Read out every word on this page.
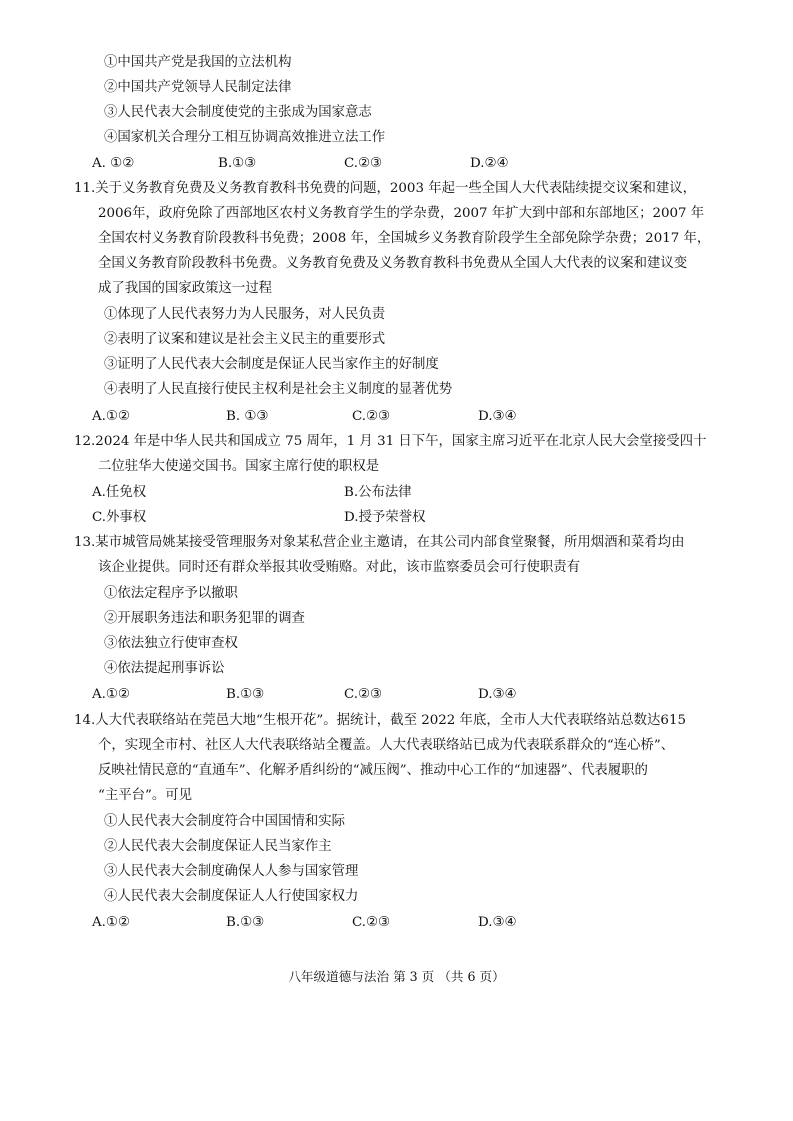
①中国共产党是我国的立法机构
②中国共产党领导人民制定法律
③人民代表大会制度使党的主张成为国家意志
④国家机关合理分工相互协调高效推进立法工作
A. ①②	B.①③	C.②③	D.②④
11.关于义务教育免费及义务教育教科书免费的问题，2003 年起一些全国人大代表陆续提交议案和建议，
2006年，政府免除了西部地区农村义务教育学生的学杂费，2007 年扩大到中部和东部地区；2007 年
全国农村义务教育阶段教科书免费；2008 年，全国城乡义务教育阶段学生全部免除学杂费；2017 年，
全国义务教育阶段教科书免费。义务教育免费及义务教育教科书免费从全国人大代表的议案和建议变
成了我国的国家政策这一过程
①体现了人民代表努力为人民服务，对人民负责
②表明了议案和建议是社会主义民主的重要形式
③证明了人民代表大会制度是保证人民当家作主的好制度
④表明了人民直接行使民主权利是社会主义制度的显著优势
A.①②	B. ①③	C.②③	D.③④
12.2024 年是中华人民共和国成立 75 周年，1 月 31 日下午，国家主席习近平在北京人民大会堂接受四十
二位驻华大使递交国书。国家主席行使的职权是
A.任免权	B.公布法律
C.外事权	D.授予荣誉权
13.某市城管局姚某接受管理服务对象某私营企业主邀请，在其公司内部食堂聚餐，所用烟酒和菜肴均由
该企业提供。同时还有群众举报其收受贿赂。对此，该市监察委员会可行使职责有
①依法定程序予以撤职
②开展职务违法和职务犯罪的调查
③依法独立行使审查权
④依法提起刑事诉讼
A.①②	B.①③	C.②③	D.③④
14.人大代表联络站在莞邑大地“生根开花”。据统计，截至 2022 年底，全市人大代表联络站总数达615
个，实现全市村、社区人大代表联络站全覆盖。人大代表联络站已成为代表联系群众的“连心桥”、
反映社情民意的“直通车”、化解矛盾纠纷的“减压阀”、推动中心工作的“加速器”、代表履职的
“主平台”。可见
①人民代表大会制度符合中国国情和实际
②人民代表大会制度保证人民当家作主
③人民代表大会制度确保人人参与国家管理
④人民代表大会制度保证人人行使国家权力
A.①②	B.①③	C.②③	D.③④
八年级道德与法治 第 3 页 （共 6 页）
